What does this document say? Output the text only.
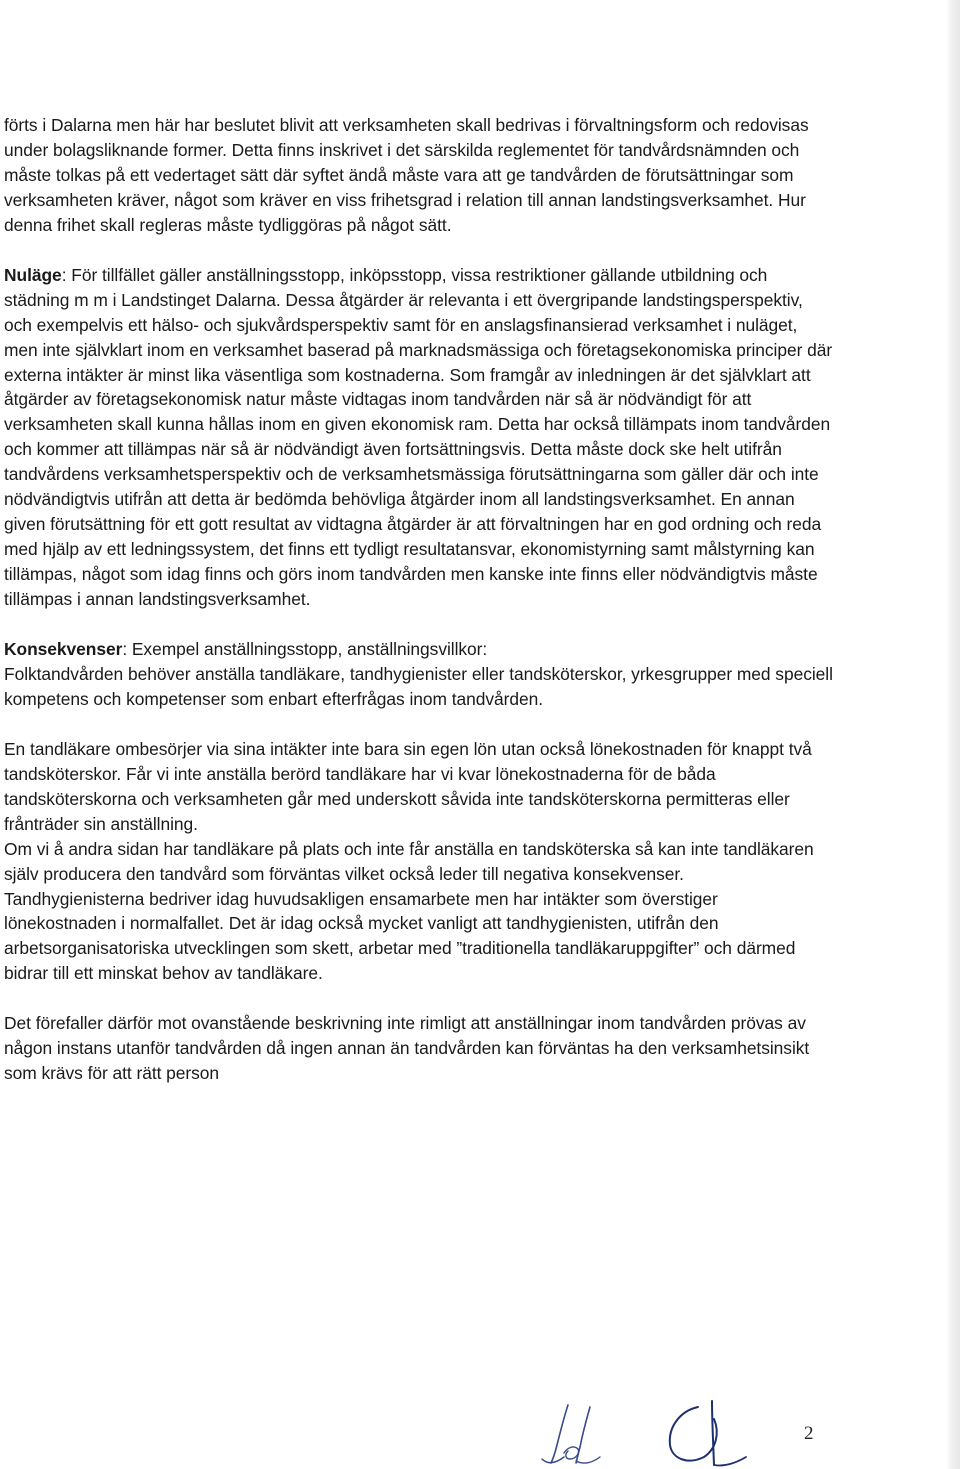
förts i Dalarna men här har beslutet blivit att verksamheten skall bedrivas i förvaltningsform och redovisas under bolagsliknande former. Detta finns inskrivet i det särskilda reglementet för tandvårdsnämnden och måste tolkas på ett vedertaget sätt där syftet ändå måste vara att ge tandvården de förutsättningar som verksamheten kräver, något som kräver en viss frihetsgrad i relation till annan landstingsverksamhet. Hur denna frihet skall regleras måste tydliggöras på något sätt.

Nuläge: För tillfället gäller anställningsstopp, inköpsstopp, vissa restriktioner gällande utbildning och städning m m i Landstinget Dalarna. Dessa åtgärder är relevanta i ett övergripande landstingsperspektiv, och exempelvis ett hälso- och sjukvårdsperspektiv samt för en anslagsfinansierad verksamhet i nuläget, men inte självklart inom en verksamhet baserad på marknadsmässiga och företagsekonomiska principer där externa intäkter är minst lika väsentliga som kostnaderna. Som framgår av inledningen är det självklart att åtgärder av företagsekonomisk natur måste vidtagas inom tandvården när så är nödvändigt för att verksamheten skall kunna hållas inom en given ekonomisk ram. Detta har också tillämpats inom tandvården och kommer att tillämpas när så är nödvändigt även fortsättningsvis. Detta måste dock ske helt utifrån tandvårdens verksamhetsperspektiv och de verksamhetsmässiga förutsättningarna som gäller där och inte nödvändigtvis utifrån att detta är bedömda behövliga åtgärder inom all landstingsverksamhet. En annan given förutsättning för ett gott resultat av vidtagna åtgärder är att förvaltningen har en god ordning och reda med hjälp av ett ledningssystem, det finns ett tydligt resultatansvar, ekonomistyrning samt målstyrning kan tillämpas, något som idag finns och görs inom tandvården men kanske inte finns eller nödvändigtvis måste tillämpas i annan landstingsverksamhet.

Konsekvenser: Exempel anställningsstopp, anställningsvillkor:

Folktandvården behöver anställa tandläkare, tandhygienister eller tandsköterskor, yrkesgrupper med speciell kompetens och kompetenser som enbart efterfrågas inom tandvården.

En tandläkare ombesörjer via sina intäkter inte bara sin egen lön utan också lönekostnaden för knappt två tandsköterskor. Får vi inte anställa berörd tandläkare har vi kvar lönekostnaderna för de båda tandsköterskorna och verksamheten går med underskott såvida inte tandsköterskorna permitteras eller frånträder sin anställning.

Om vi å andra sidan har tandläkare på plats och inte får anställa en tandsköterska så kan inte tandläkaren själv producera den tandvård som förväntas vilket också leder till negativa konsekvenser.

Tandhygienisterna bedriver idag huvudsakligen ensamarbete men har intäkter som överstiger lönekostnaden i normalfallet. Det är idag också mycket vanligt att tandhygienisten, utifrån den arbetsorganisatoriska utvecklingen som skett, arbetar med ”traditionella tandläkaruppgifter” och därmed bidrar till ett minskat behov av tandläkare.

Det förefaller därför mot ovanstående beskrivning inte rimligt att anställningar inom tandvården prövas av någon instans utanför tandvården då ingen annan än tandvården kan förväntas ha den verksamhetsinsikt som krävs för att rätt person

2
